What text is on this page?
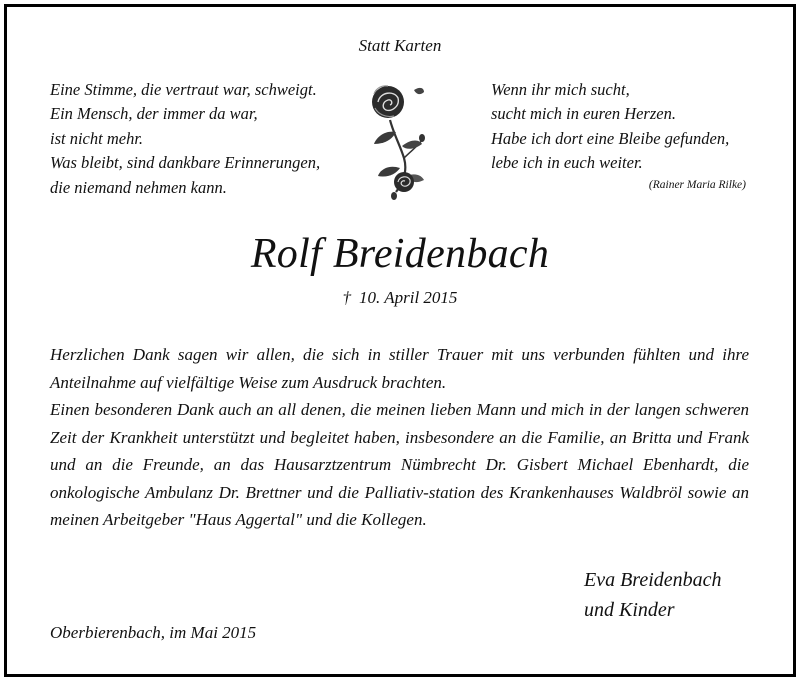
Statt Karten
Eine Stimme, die vertraut war, schweigt.
Ein Mensch, der immer da war,
ist nicht mehr.
Was bleibt, sind dankbare Erinnerungen,
die niemand nehmen kann.
Wenn ihr mich sucht,
sucht mich in euren Herzen.
Habe ich dort eine Bleibe gefunden,
lebe ich in euch weiter.
(Rainer Maria Rilke)
Rolf Breidenbach
† 10. April 2015

Herzlichen Dank sagen wir allen, die sich in stiller Trauer mit uns verbunden fühlten und ihre Anteilnahme auf vielfältige Weise zum Ausdruck brachten.

Einen besonderen Dank auch an all denen, die meinen lieben Mann und mich in der langen schweren Zeit der Krankheit unterstützt und begleitet haben, insbesondere an die Familie, an Britta und Frank und an die Freunde, an das Hausarztzentrum Nümbrecht Dr. Gisbert Michael Ebenhardt, die onkologische Ambulanz Dr. Brettner und die Palliativ-station des Krankenhauses Waldbröl sowie an meinen Arbeitgeber "Haus Aggertal" und die Kollegen.

Eva Breidenbach
und Kinder
Oberbierenbach, im Mai 2015
